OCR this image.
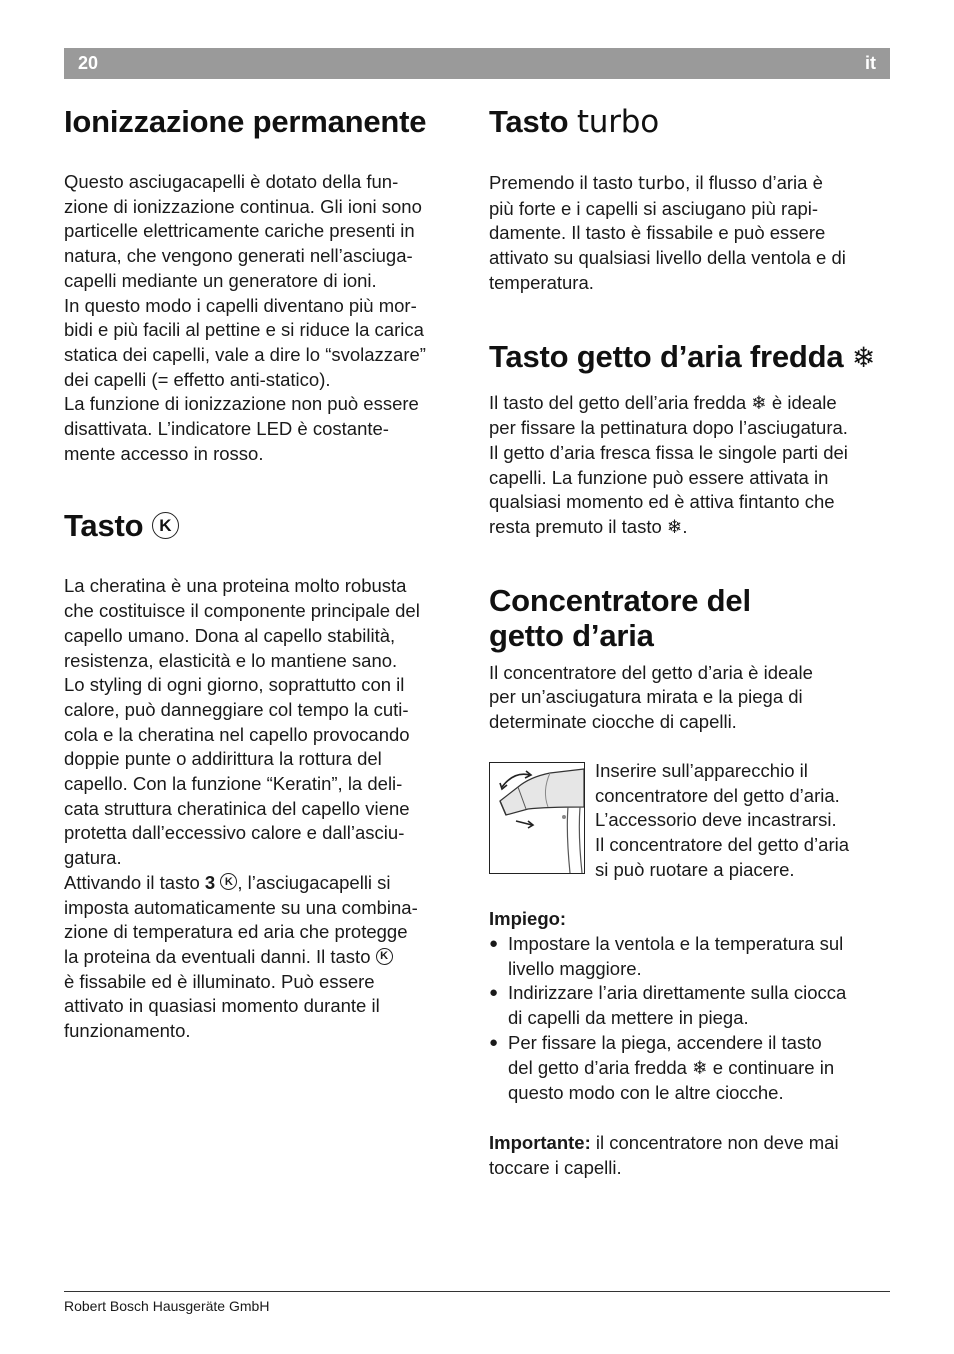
20	it
Ionizzazione permanente
Questo asciugacapelli è dotato della fun-
zione di ionizzazione continua. Gli ioni sono
particelle elettricamente cariche presenti in
natura, che vengono generati nell’asciuga-
capelli mediante un generatore di ioni.
In questo modo i capelli diventano più mor-
bidi e più facili al pettine e si riduce la carica
statica dei capelli, vale a dire lo “svolazzare”
dei capelli (= effetto anti-statico).
La funzione di ionizzazione non può essere
disattivata. L’indicatore LED è costante-
mente accesso in rosso.
Tasto K
La cheratina è una proteina molto robusta
che costituisce il componente principale del
capello umano. Dona al capello stabilità,
resistenza, elasticità e lo mantiene sano.
Lo styling di ogni giorno, soprattutto con il
calore, può danneggiare col tempo la cuti-
cola e la cheratina nel capello provocando
doppie punte o addirittura la rottura del
capello. Con la funzione “Keratin”, la deli-
cata struttura cheratinica del capello viene
protetta dall’eccessivo calore e dall’asciu-
gatura.
Attivando il tasto 3 K , l’asciugacapelli si
imposta automaticamente su una combina-
zione di temperatura ed aria che protegge
la proteina da eventuali danni. Il tasto K
è fissabile ed è illuminato. Può essere
attivato in quasiasi momento durante il
funzionamento.
Tasto turbo
Premendo il tasto turbo, il flusso d’aria è
più forte e i capelli si asciugano più rapi-
damente. Il tasto è fissabile e può essere
attivato su qualsiasi livello della ventola e di
temperatura.
Tasto getto d’aria fredda ❄
Il tasto del getto dell’aria fredda ❄ è ideale
per fissare la pettinatura dopo l’asciugatura.
Il getto d’aria fresca fissa le singole parti dei
capelli. La funzione può essere attivata in
qualsiasi momento ed è attiva fintanto che
resta premuto il tasto ❄.
Concentratore del
getto d’aria
Il concentratore del getto d’aria è ideale
per un’asciugatura mirata e la piega di
determinate ciocche di capelli.
Inserire sull’apparecchio il
concentratore del getto d’aria.
L’accessorio deve incastrarsi.
Il concentratore del getto d’aria
si può ruotare a piacere.
Impiego:
● Impostare la ventola e la temperatura sul
livello maggiore.
● Indirizzare l’aria direttamente sulla ciocca
di capelli da mettere in piega.
● Per fissare la piega, accendere il tasto
del getto d’aria fredda ❄ e continuare in
questo modo con le altre ciocche.
Importante: il concentratore non deve mai
toccare i capelli.
Robert Bosch Hausgeräte GmbH
